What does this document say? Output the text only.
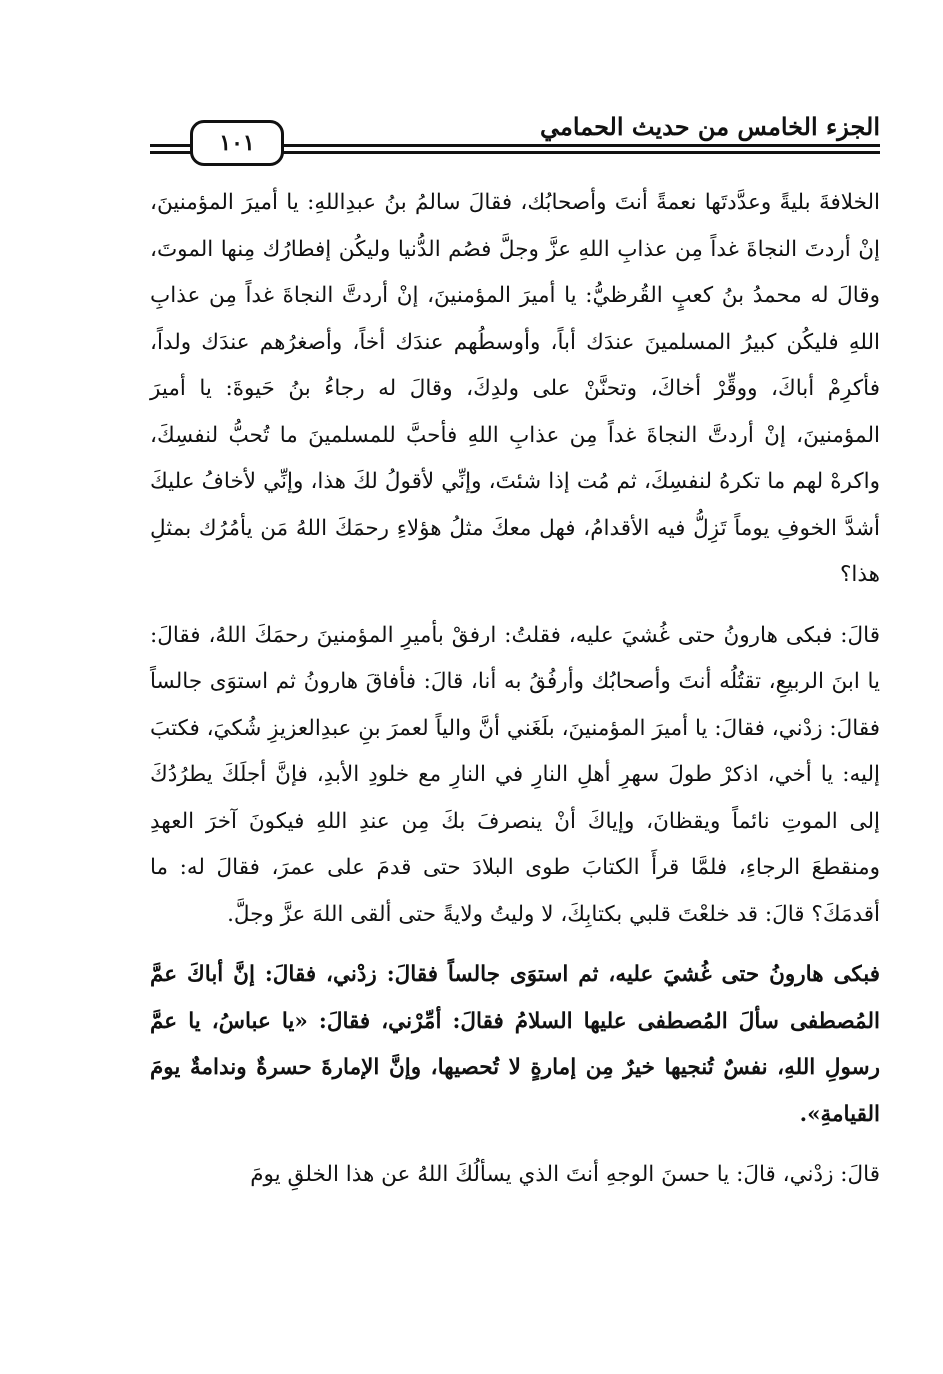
الجزء الخامس من حديث الحمامي
١٠١

الخلافةَ بليةً وعدَّدتَها نعمةً أنتَ وأصحابُك، فقالَ سالمُ بنُ عبدِاللهِ: يا أميرَ المؤمنينَ، إنْ أردتَ النجاةَ غداً مِن عذابِ اللهِ عزَّ وجلَّ فصُم الدُّنيا وليكُن إفطارُك مِنها الموتَ، وقالَ له محمدُ بنُ كعبٍ القُرظيُّ: يا أميرَ المؤمنينَ، إنْ أردتَّ النجاةَ غداً مِن عذابِ اللهِ فليكُن كبيرُ المسلمينَ عندَك أباً، وأوسطُهم عندَك أخاً، وأصغرُهم عندَك ولداً، فأكرِمْ أباكَ، ووقِّرْ أخاكَ، وتحنَّنْ على ولدِكَ، وقالَ له رجاءُ بنُ حَيوةَ: يا أميرَ المؤمنينَ، إنْ أردتَّ النجاةَ غداً مِن عذابِ اللهِ فأحبَّ للمسلمينَ ما تُحبُّ لنفسِكَ، واكرهْ لهم ما تكرهُ لنفسِكَ، ثم مُت إذا شئتَ، وإنِّي لأقولُ لكَ هذا، وإنِّي لأخافُ عليكَ أشدَّ الخوفِ يوماً تَزِلُّ فيه الأقدامُ، فهل معكَ مثلُ هؤلاءِ رحمَكَ اللهُ مَن يأمُرُك بمثلِ هذا؟

قالَ: فبكى هارونُ حتى غُشيَ عليه، فقلتُ: ارفقْ بأميرِ المؤمنينَ رحمَكَ اللهُ، فقالَ: يا ابنَ الربيعِ، تقتُلُه أنتَ وأصحابُك وأرفُقُ به أنا، قالَ: فأفاقَ هارونُ ثم استوَى جالساً فقالَ: زدْني، فقالَ: يا أميرَ المؤمنينَ، بلَغَني أنَّ والياً لعمرَ بنِ عبدِالعزيزِ شُكيَ، فكتبَ إليه: يا أخي، اذكرْ طولَ سهرِ أهلِ النارِ في النارِ مع خلودِ الأبدِ، فإنَّ أجلَكَ يطرُدُكَ إلى الموتِ نائماً ويقظانَ، وإياكَ أنْ ينصرفَ بكَ مِن عندِ اللهِ فيكونَ آخرَ العهدِ ومنقطعَ الرجاءِ، فلمَّا قرأَ الكتابَ طوى البلادَ حتى قدمَ على عمرَ، فقالَ له: ما أقدمَكَ؟ قالَ: قد خلعْتَ قلبي بكتابِكَ، لا وليتُ ولايةً حتى ألقى اللهَ عزَّ وجلَّ.

فبكى هارونُ حتى غُشيَ عليه، ثم استوَى جالساً فقالَ: زدْني، فقالَ: إنَّ أباكَ عمَّ المُصطفى سألَ المُصطفى عليها السلامُ فقالَ: أمِّرْني، فقالَ: «يا عباسُ، يا عمَّ رسولِ اللهِ، نفسٌ تُنجيها خيرٌ مِن إمارةٍ لا تُحصيها، وإنَّ الإمارةَ حسرةٌ وندامةٌ يومَ القيامةِ».

قالَ: زدْني، قالَ: يا حسنَ الوجهِ أنتَ الذي يسألُكَ اللهُ عن هذا الخلقِ يومَ
